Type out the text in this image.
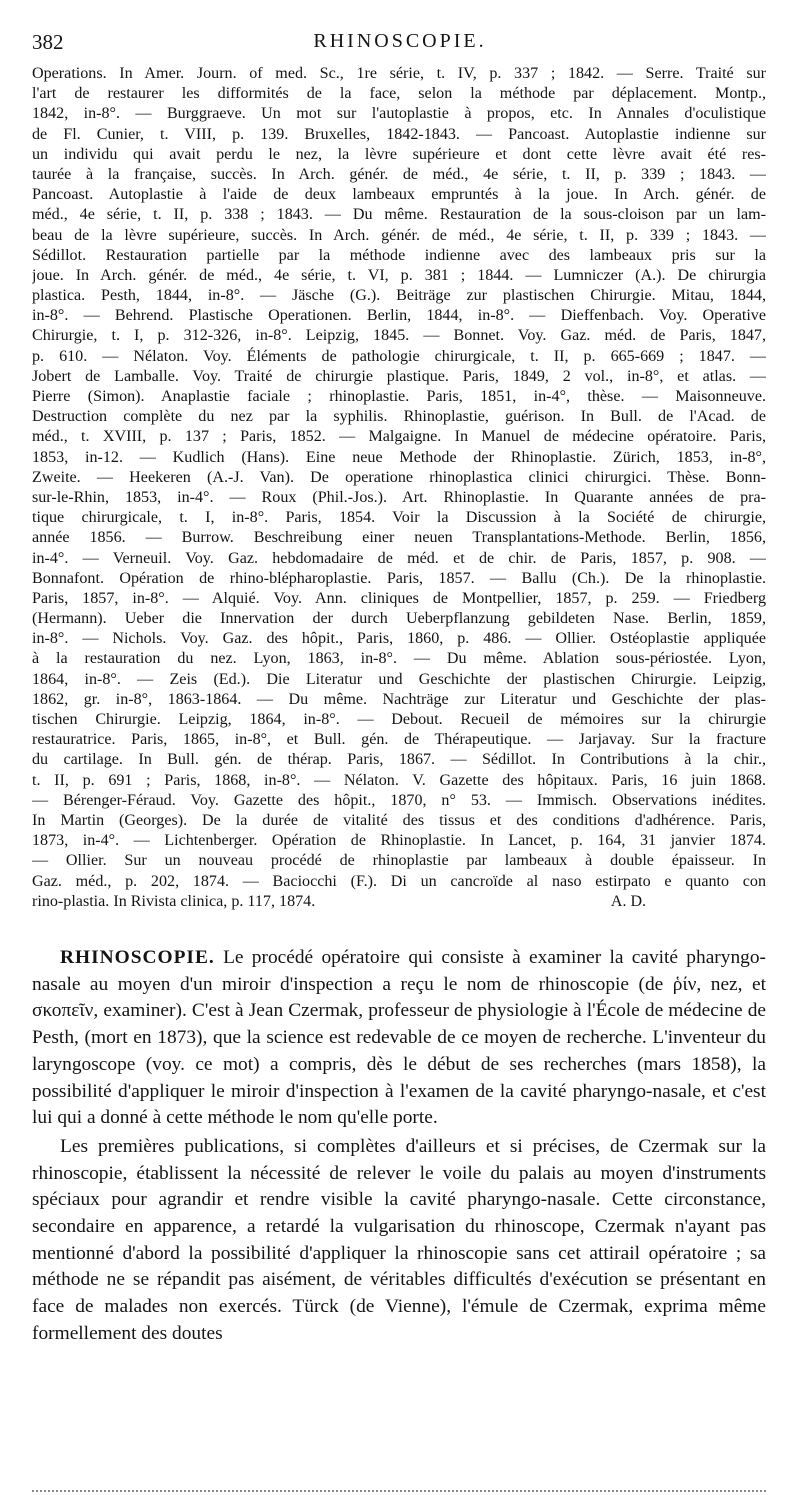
382	RHINOSCOPIE.
Operations. In Amer. Journ. of med. Sc., 1re série, t. IV, p. 337 ; 1842. — Serre. Traité sur
l'art de restaurer les difformités de la face, selon la méthode par déplacement. Montp.,
1842, in-8°. — Burggraeve. Un mot sur l'autoplastie à propos, etc. In Annales d'oculistique
de Fl. Cunier, t. VIII, p. 139. Bruxelles, 1842-1843. — Pancoast. Autoplastie indienne sur
un individu qui avait perdu le nez, la lèvre supérieure et dont cette lèvre avait été res-
taurée à la française, succès. In Arch. génér. de méd., 4e série, t. II, p. 339 ; 1843. —
Pancoast. Autoplastie à l'aide de deux lambeaux empruntés à la joue. In Arch. génér. de
méd., 4e série, t. II, p. 338 ; 1843. — Du même. Restauration de la sous-cloison par un lam-
beau de la lèvre supérieure, succès. In Arch. génér. de méd., 4e série, t. II, p. 339 ; 1843. —
Sédillot. Restauration partielle par la méthode indienne avec des lambeaux pris sur la
joue. In Arch. génér. de méd., 4e série, t. VI, p. 381 ; 1844. — Lumniczer (A.). De chirurgia
plastica. Pesth, 1844, in-8°. — Jäsche (G.). Beiträge zur plastischen Chirurgie. Mitau, 1844,
in-8°. — Behrend. Plastische Operationen. Berlin, 1844, in-8°. — Dieffenbach. Voy. Operative
Chirurgie, t. I, p. 312-326, in-8°. Leipzig, 1845. — Bonnet. Voy. Gaz. méd. de Paris, 1847,
p. 610. — Nélaton. Voy. Éléments de pathologie chirurgicale, t. II, p. 665-669 ; 1847. —
Jobert de Lamballe. Voy. Traité de chirurgie plastique. Paris, 1849, 2 vol., in-8°, et atlas. —
Pierre (Simon). Anaplastie faciale ; rhinoplastie. Paris, 1851, in-4°, thèse. — Maisonneuve.
Destruction complète du nez par la syphilis. Rhinoplastie, guérison. In Bull. de l'Acad. de
méd., t. XVIII, p. 137 ; Paris, 1852. — Malgaigne. In Manuel de médecine opératoire. Paris,
1853, in-12. — Kudlich (Hans). Eine neue Methode der Rhinoplastie. Zürich, 1853, in-8°,
Zweite. — Heekeren (A.-J. Van). De operatione rhinoplastica clinici chirurgici. Thèse. Bonn-
sur-le-Rhin, 1853, in-4°. — Roux (Phil.-Jos.). Art. Rhinoplastie. In Quarante années de pra-
tique chirurgicale, t. I, in-8°. Paris, 1854. Voir la Discussion à la Société de chirurgie,
année 1856. — Burrow. Beschreibung einer neuen Transplantations-Methode. Berlin, 1856,
in-4°. — Verneuil. Voy. Gaz. hebdomadaire de méd. et de chir. de Paris, 1857, p. 908. —
Bonnafont. Opération de rhino-blépharoplastie. Paris, 1857. — Ballu (Ch.). De la rhinoplastie.
Paris, 1857, in-8°. — Alquié. Voy. Ann. cliniques de Montpellier, 1857, p. 259. — Friedberg
(Hermann). Ueber die Innervation der durch Ueberpflanzung gebildeten Nase. Berlin, 1859,
in-8°. — Nichols. Voy. Gaz. des hôpit., Paris, 1860, p. 486. — Ollier. Ostéoplastie appliquée
à la restauration du nez. Lyon, 1863, in-8°. — Du même. Ablation sous-périostée. Lyon,
1864, in-8°. — Zeis (Ed.). Die Literatur und Geschichte der plastischen Chirurgie. Leipzig,
1862, gr. in-8°, 1863-1864. — Du même. Nachträge zur Literatur und Geschichte der plas-
tischen Chirurgie. Leipzig, 1864, in-8°. — Debout. Recueil de mémoires sur la chirurgie
restauratrice. Paris, 1865, in-8°, et Bull. gén. de Thérapeutique. — Jarjavay. Sur la fracture
du cartilage. In Bull. gén. de thérap. Paris, 1867. — Sédillot. In Contributions à la chir.,
t. II, p. 691 ; Paris, 1868, in-8°. — Nélaton. V. Gazette des hôpitaux. Paris, 16 juin 1868.
— Bérenger-Féraud. Voy. Gazette des hôpit., 1870, n° 53. — Immisch. Observations inédites.
In Martin (Georges). De la durée de vitalité des tissus et des conditions d'adhérence. Paris,
1873, in-4°. — Lichtenberger. Opération de Rhinoplastie. In Lancet, p. 164, 31 janvier 1874.
— Ollier. Sur un nouveau procédé de rhinoplastie par lambeaux à double épaisseur. In
Gaz. méd., p. 202, 1874. — Baciocchi (F.). Di un cancroïde al naso estirpato e quanto con
rino-plastia. In Rivista clinica, p. 117, 1874.	A. D.

RHINOSCOPIE. Le procédé opératoire qui consiste à examiner la cavité pharyngo-nasale au moyen d'un miroir d'inspection a reçu le nom de rhinoscopie (de ῥίν, nez, et σκοπεῖν, examiner). C'est à Jean Czermak, professeur de physiologie à l'École de médecine de Pesth, (mort en 1873), que la science est redevable de ce moyen de recherche. L'inventeur du laryngoscope (voy. ce mot) a compris, dès le début de ses recherches (mars 1858), la possibilité d'appliquer le miroir d'inspection à l'examen de la cavité pharyngo-nasale, et c'est lui qui a donné à cette méthode le nom qu'elle porte.

Les premières publications, si complètes d'ailleurs et si précises, de Czermak sur la rhinoscopie, établissent la nécessité de relever le voile du palais au moyen d'instruments spéciaux pour agrandir et rendre visible la cavité pharyngo-nasale. Cette circonstance, secondaire en apparence, a retardé la vulgarisation du rhinoscope, Czermak n'ayant pas mentionné d'abord la possibilité d'appliquer la rhinoscopie sans cet attirail opératoire ; sa méthode ne se répandit pas aisément, de véritables difficultés d'exécution se présentant en face de malades non exercés. Türck (de Vienne), l'émule de Czermak, exprima même formellement des doutes
